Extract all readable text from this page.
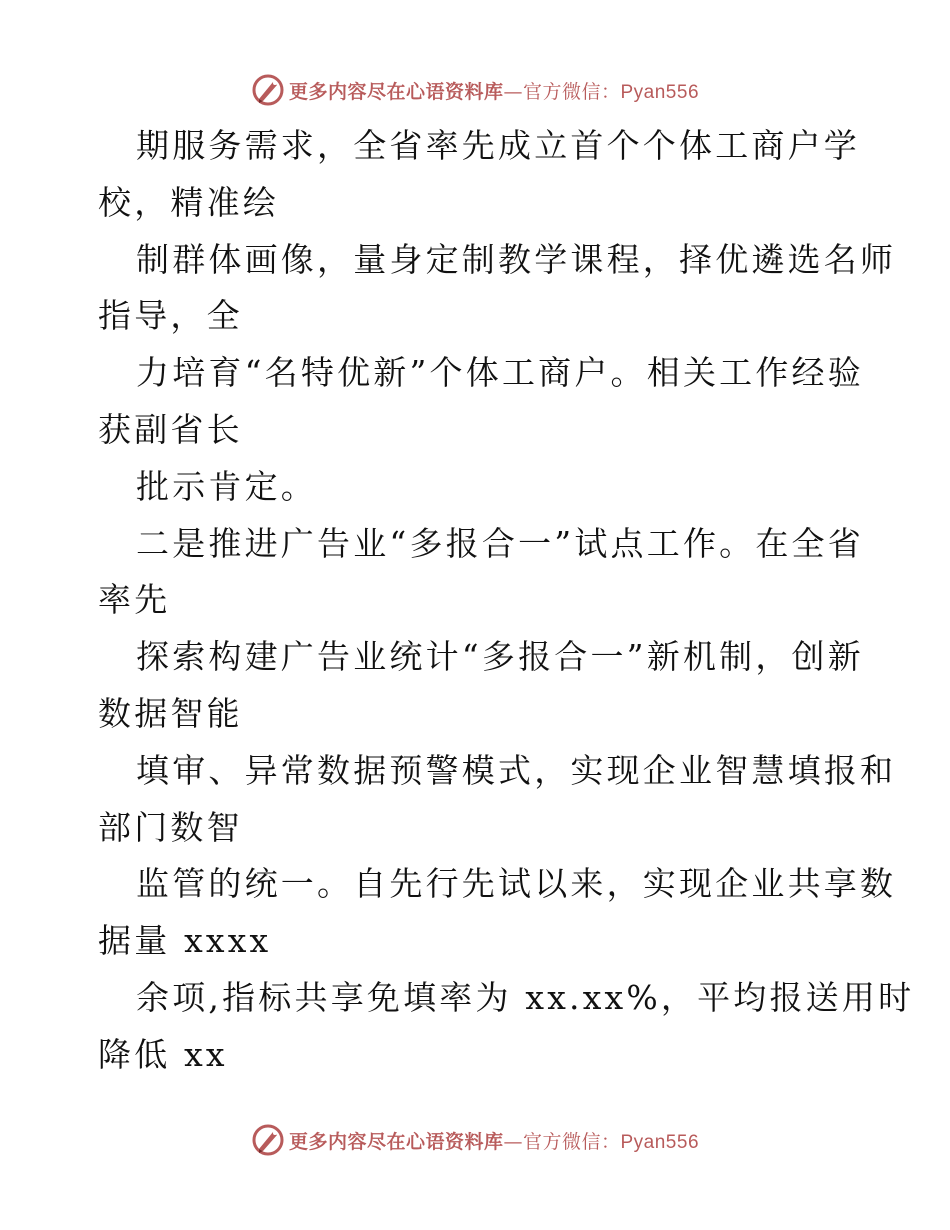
更多内容尽在心语资料库—官方微信：Pyan556
期服务需求，全省率先成立首个个体工商户学
校，精准绘
制群体画像，量身定制教学课程，择优遴选名师
指导，全
力培育“名特优新”个体工商户。相关工作经验
获副省长
批示肯定。
二是推进广告业“多报合一”试点工作。在全省
率先
探索构建广告业统计“多报合一”新机制，创新
数据智能
填审、异常数据预警模式，实现企业智慧填报和
部门数智
监管的统一。自先行先试以来，实现企业共享数
据量 xxxx
余项,指标共享免填率为 xx.xx%，平均报送用时
降低 xx
更多内容尽在心语资料库—官方微信：Pyan556
